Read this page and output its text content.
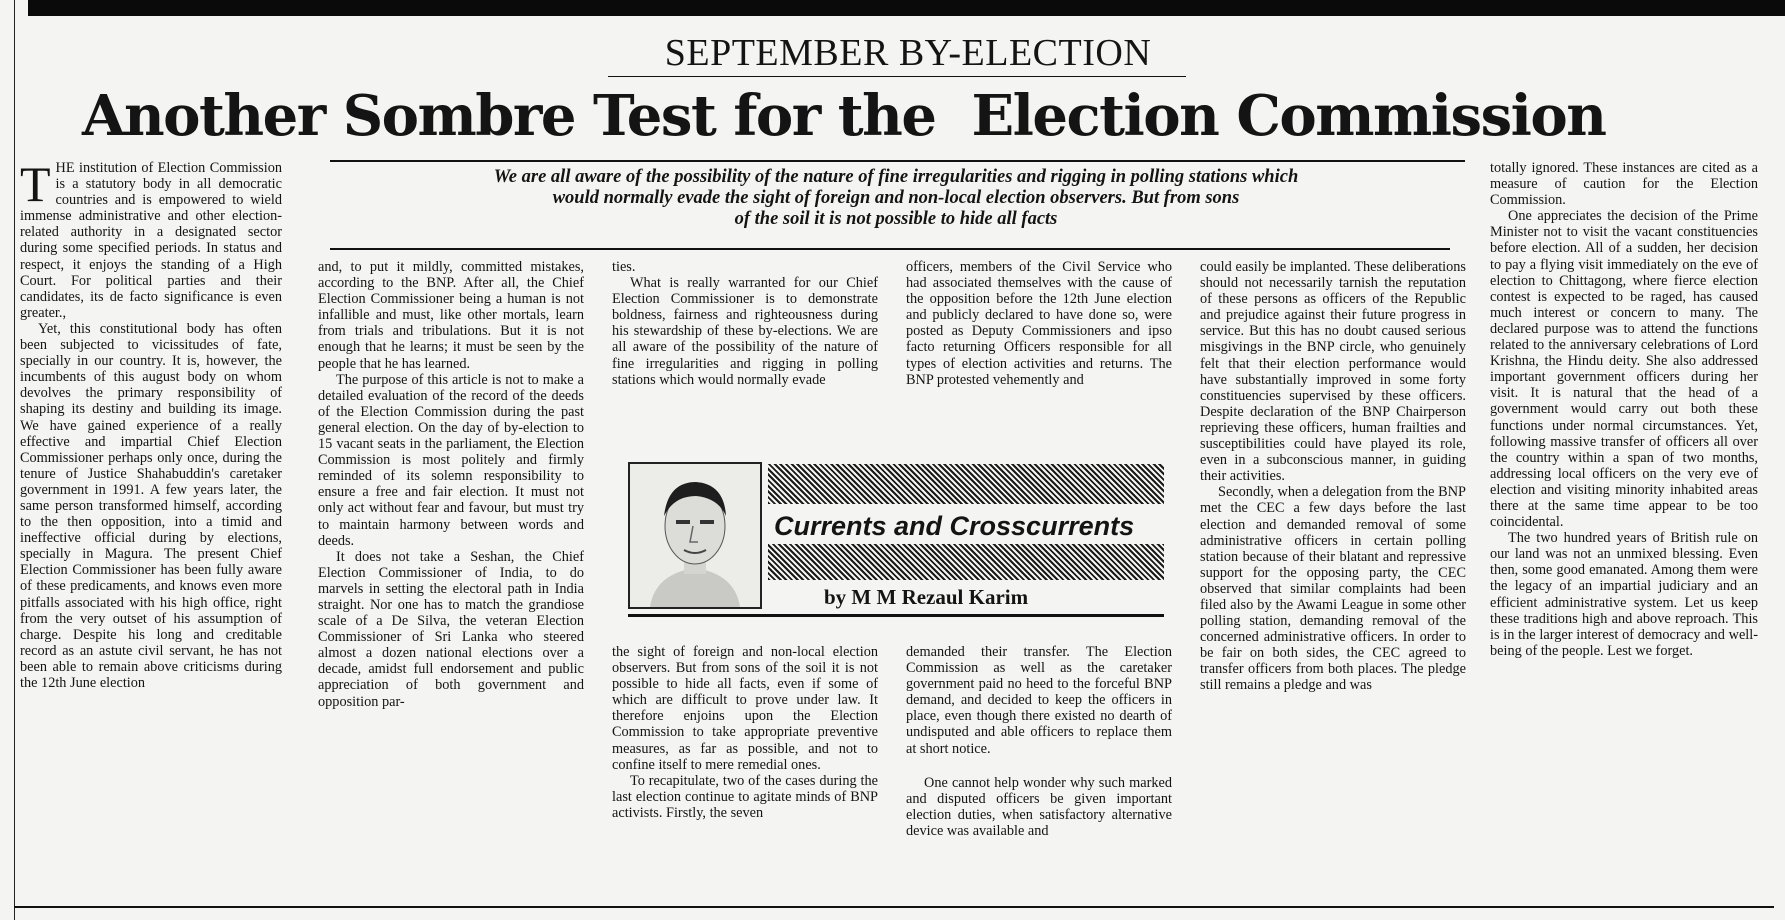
SEPTEMBER BY-ELECTION
Another Sombre Test for the  Election Commission

THE institution of Election Commission is a statutory body in all democratic countries and is empowered to wield immense administrative and other election-related authority in a designated sector during some specified periods. In status and respect, it enjoys the standing of a High Court. For political parties and their candidates, its de facto significance is even greater.,

Yet, this constitutional body has often been subjected to vicissitudes of fate, specially in our country. It is, however, the incumbents of this august body on whom devolves the primary responsibility of shaping its destiny and building its image. We have gained experience of a really effective and impartial Chief Election Commissioner perhaps only once, during the tenure of Justice Shahabuddin's caretaker government in 1991. A few years later, the same person transformed himself, according to the then opposition, into a timid and ineffective official during by elections, specially in Magura. The present Chief Election Commissioner has been fully aware of these predicaments, and knows even more pitfalls associated with his high office, right from the very outset of his assumption of charge. Despite his long and creditable record as an astute civil servant, he has not been able to remain above criticisms during the 12th June election

We are all aware of the possibility of the nature of fine irregularities and rigging in polling stations which
would normally evade the sight of foreign and non-local election observers. But from sons
of the soil it is not possible to hide all facts

and, to put it mildly, committed mistakes, according to the BNP. After all, the Chief Election Commissioner being a human is not infallible and must, like other mortals, learn from trials and tribulations. But it is not enough that he learns; it must be seen by the people that he has learned.

The purpose of this article is not to make a detailed evaluation of the record of the deeds of the Election Commission during the past general election. On the day of by-election to 15 vacant seats in the parliament, the Election Commission is most politely and firmly reminded of its solemn responsibility to ensure a free and fair election. It must not only act without fear and favour, but must try to maintain harmony between words and deeds.

It does not take a Seshan, the Chief Election Commissioner of India, to do marvels in setting the electoral path in India straight. Nor one has to match the grandiose scale of a De Silva, the veteran Election Commissioner of Sri Lanka who steered almost a dozen national elections over a decade, amidst full endorsement and public appreciation of both government and opposition par-

ties.

What is really warranted for our Chief Election Commissioner is to demonstrate boldness, fairness and righteousness during his stewardship of these by-elections. We are all aware of the possibility of the nature of fine irregularities and rigging in polling stations which would normally evade

officers, members of the Civil Service who had associated themselves with the cause of the opposition before the 12th June election and publicly declared to have done so, were posted as Deputy Commissioners and ipso facto returning Officers responsible for all types of election activities and returns. The BNP protested vehemently and

Currents and Crosscurrents
by M M Rezaul Karim

the sight of foreign and non-local election observers. But from sons of the soil it is not possible to hide all facts, even if some of which are difficult to prove under law. It therefore enjoins upon the Election Commission to take appropriate preventive measures, as far as possible, and not to confine itself to mere remedial ones.

To recapitulate, two of the cases during the last election continue to agitate minds of BNP activists. Firstly, the seven

demanded their transfer. The Election Commission as well as the caretaker government paid no heed to the forceful BNP demand, and decided to keep the officers in place, even though there existed no dearth of undisputed and able officers to replace them at short notice.

One cannot help wonder why such marked and disputed officers be given important election duties, when satisfactory alternative device was available and

could easily be implanted. These deliberations should not necessarily tarnish the reputation of these persons as officers of the Republic and prejudice against their future progress in service. But this has no doubt caused serious misgivings in the BNP circle, who genuinely felt that their election performance would have substantially improved in some forty constituencies supervised by these officers. Despite declaration of the BNP Chairperson reprieving these officers, human frailties and susceptibilities could have played its role, even in a subconscious manner, in guiding their activities.

Secondly, when a delegation from the BNP met the CEC a few days before the last election and demanded removal of some administrative officers in certain polling station because of their blatant and repressive support for the opposing party, the CEC observed that similar complaints had been filed also by the Awami League in some other polling station, demanding removal of the concerned administrative officers. In order to be fair on both sides, the CEC agreed to transfer officers from both places. The pledge still remains a pledge and was

totally ignored. These instances are cited as a measure of caution for the Election Commission.

One appreciates the decision of the Prime Minister not to visit the vacant constituencies before election. All of a sudden, her decision to pay a flying visit immediately on the eve of election to Chittagong, where fierce election contest is expected to be raged, has caused much interest or concern to many. The declared purpose was to attend the functions related to the anniversary celebrations of Lord Krishna, the Hindu deity. She also addressed important government officers during her visit. It is natural that the head of a government would carry out both these functions under normal circumstances. Yet, following massive transfer of officers all over the country within a span of two months, addressing local officers on the very eve of election and visiting minority inhabited areas there at the same time appear to be too coincidental.

The two hundred years of British rule on our land was not an unmixed blessing. Even then, some good emanated. Among them were the legacy of an impartial judiciary and an efficient administrative system. Let us keep these traditions high and above reproach. This is in the larger interest of democracy and well-being of the people. Lest we forget.
